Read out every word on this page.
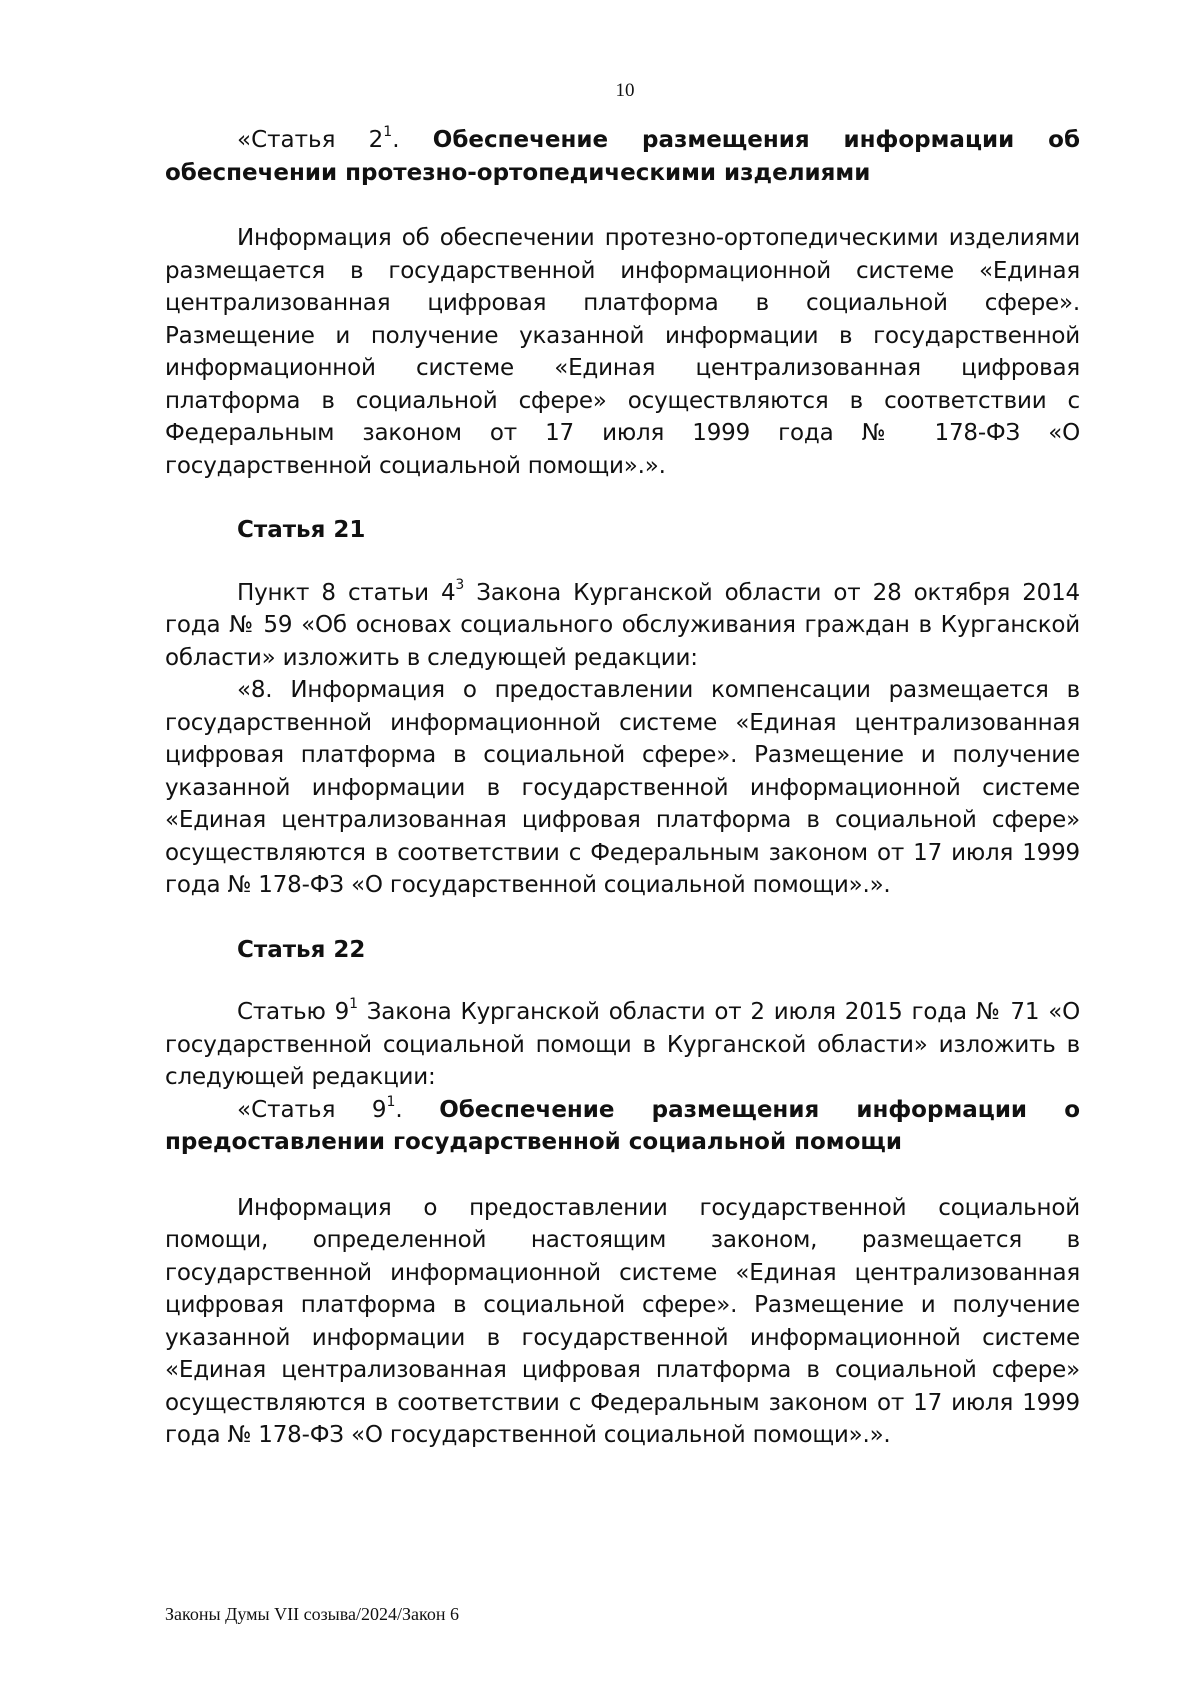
10

«Статья $2^1$. Обеспечение размещения информации об обеспечении протезно-ортопедическими изделиями

Информация об обеспечении протезно-ортопедическими изделиями размещается в государственной информационной системе «Единая централизованная цифровая платформа в социальной сфере». Размещение и получение указанной информации в государственной информационной системе «Единая централизованная цифровая платформа в социальной сфере» осуществляются в соответствии с Федеральным законом от 17 июля 1999 года № 178-ФЗ «О государственной социальной помощи».».

Статья 21

Пункт 8 статьи $4^3$ Закона Курганской области от 28 октября 2014 года № 59 «Об основах социального обслуживания граждан в Курганской области» изложить в следующей редакции:

«8. Информация о предоставлении компенсации размещается в государственной информационной системе «Единая централизованная цифровая платформа в социальной сфере». Размещение и получение указанной информации в государственной информационной системе «Единая централизованная цифровая платформа в социальной сфере» осуществляются в соответствии с Федеральным законом от 17 июля 1999 года № 178-ФЗ «О государственной социальной помощи».».

Статья 22

Статью $9^1$ Закона Курганской области от 2 июля 2015 года № 71 «О государственной социальной помощи в Курганской области» изложить в следующей редакции:

«Статья $9^1$. Обеспечение размещения информации о предоставлении государственной социальной помощи

Информация о предоставлении государственной социальной помощи, определенной настоящим законом, размещается в государственной информационной системе «Единая централизованная цифровая платформа в социальной сфере». Размещение и получение указанной информации в государственной информационной системе «Единая централизованная цифровая платформа в социальной сфере» осуществляются в соответствии с Федеральным законом от 17 июля 1999 года № 178-ФЗ «О государственной социальной помощи».».

Законы Думы VII созыва/2024/Закон 6
